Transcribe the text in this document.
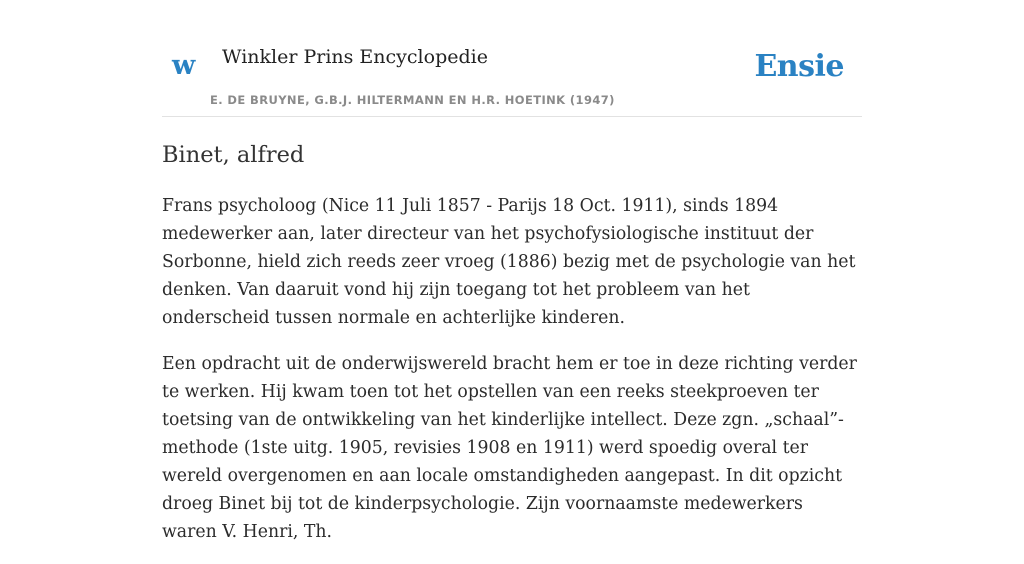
w Winkler Prins Encyclopedie
E. DE BRUYNE, G.B.J. HILTERMANN EN H.R. HOETINK (1947)
Ensie
Binet, alfred

Frans psycholoog (Nice 11 Juli 1857 - Parijs 18 Oct. 1911), sinds 1894 medewerker aan, later directeur van het psychofysiologische instituut der Sorbonne, hield zich reeds zeer vroeg (1886) bezig met de psychologie van het denken. Van daaruit vond hij zijn toegang tot het probleem van het onderscheid tussen normale en achterlijke kinderen.

Een opdracht uit de onderwijswereld bracht hem er toe in deze richting verder te werken. Hij kwam toen tot het opstellen van een reeks steekproeven ter toetsing van de ontwikkeling van het kinderlijke intellect. Deze zgn. „schaal”-methode (1ste uitg. 1905, revisies 1908 en 1911) werd spoedig overal ter wereld overgenomen en aan locale omstandigheden aangepast. In dit opzicht droeg Binet bij tot de kinderpsychologie. Zijn voornaamste medewerkers waren V. Henri, Th.
